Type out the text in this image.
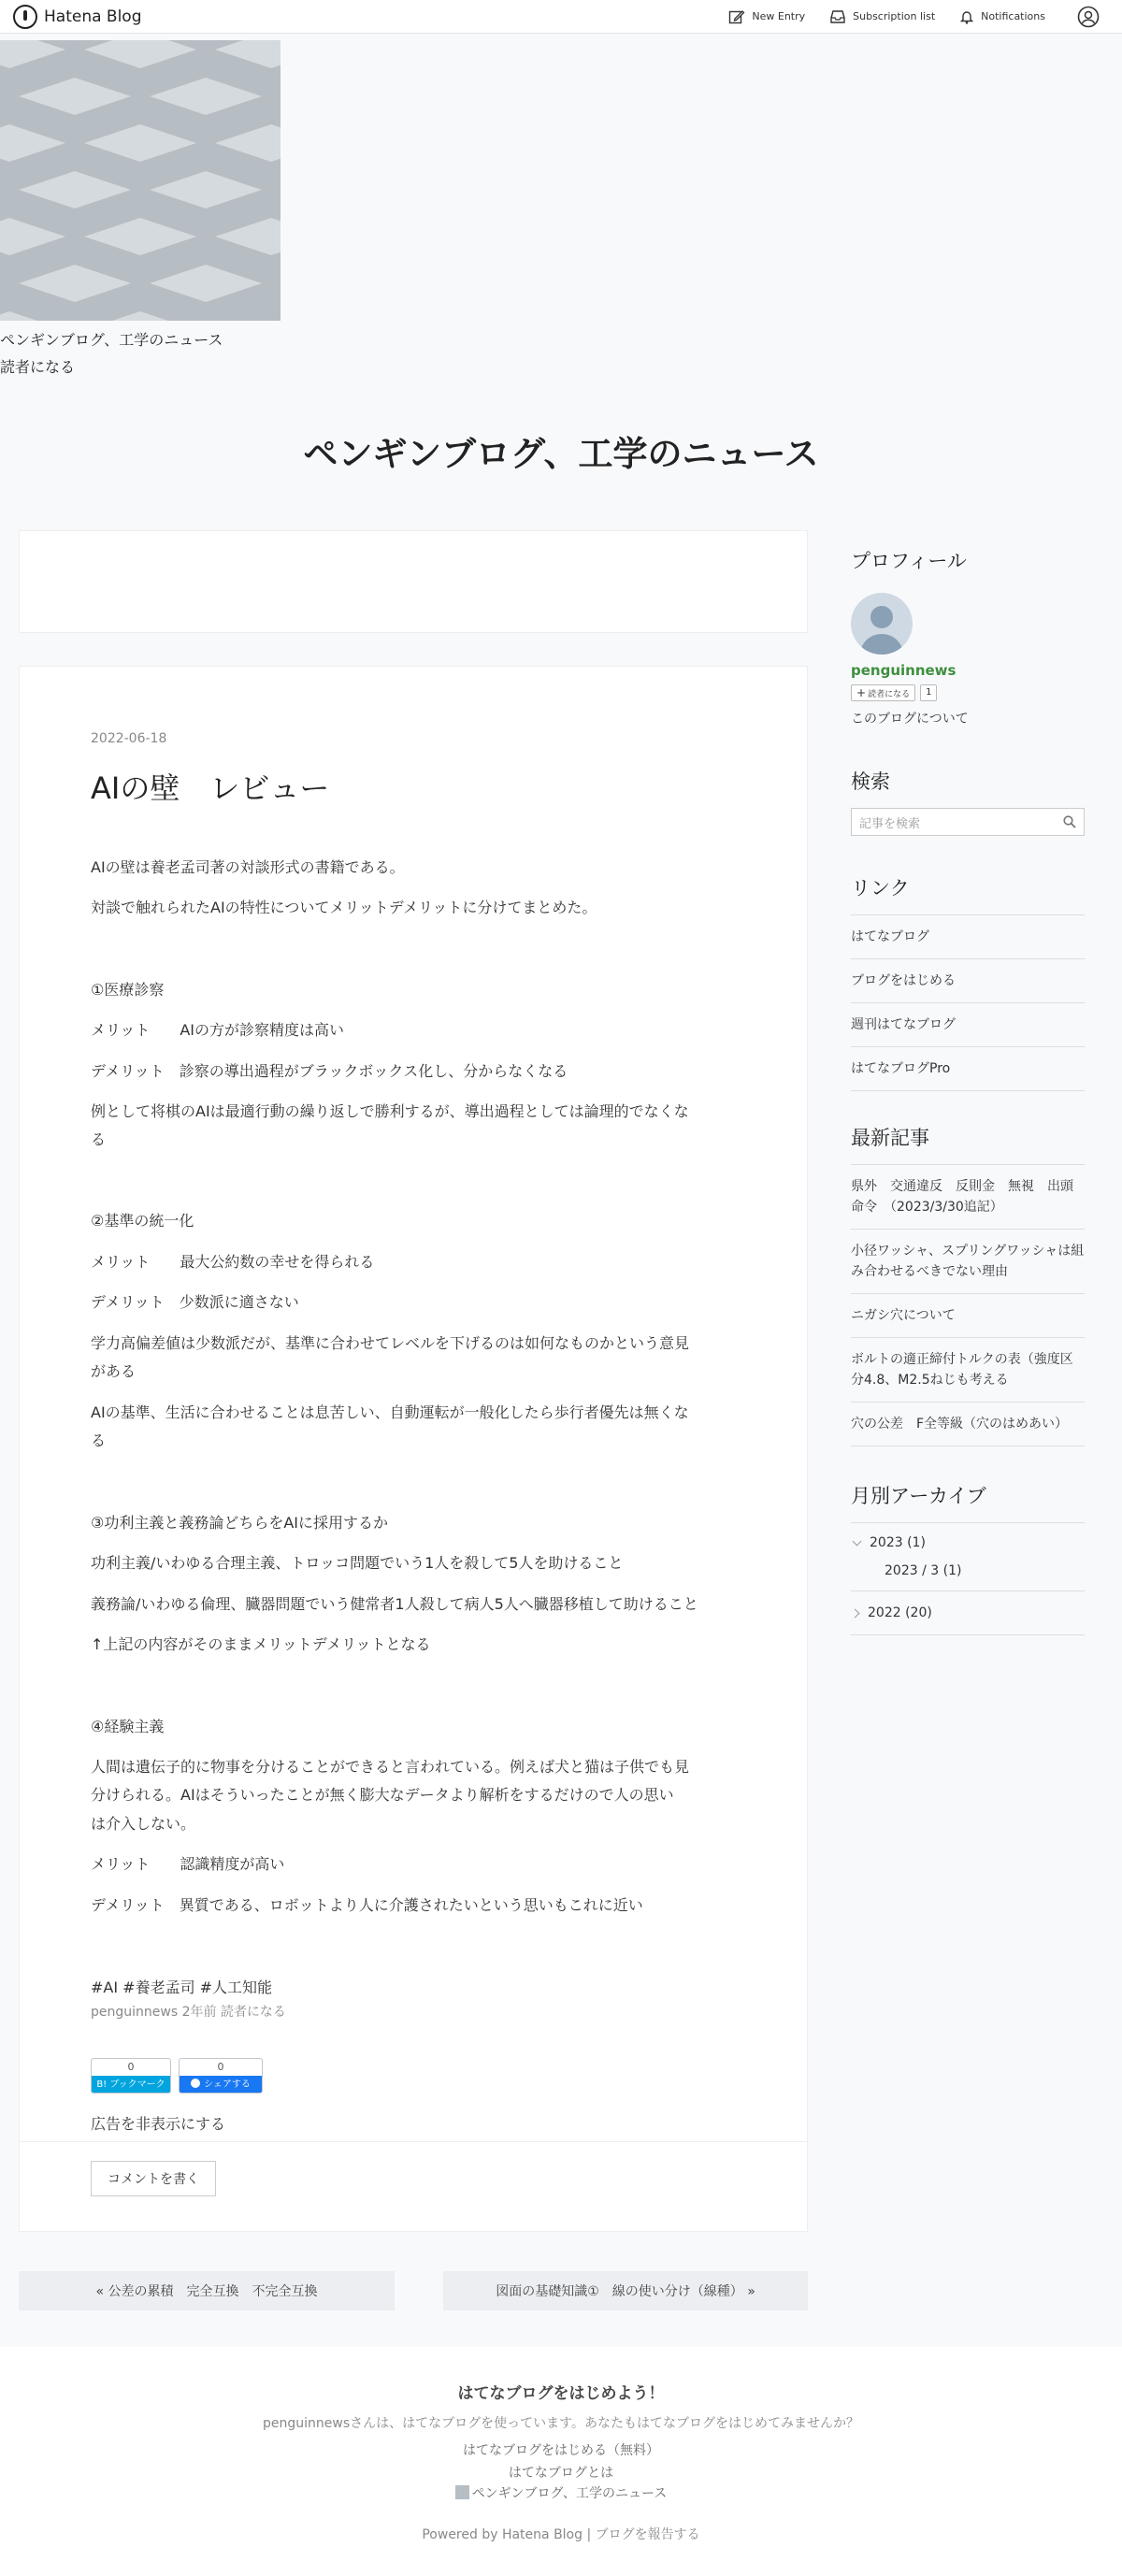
Hatena Blog	New Entry	Subscription list	Notifications
ペンギンブログ、工学のニュース
読者になる
ペンギンブログ、工学のニュース
2022-06-18
AIの壁　レビュー
AIの壁は養老孟司著の対談形式の書籍である。
対談で触れられたAIの特性についてメリットデメリットに分けてまとめた。
①医療診察
メリット　　AIの方が診察精度は高い
デメリット　診察の導出過程がブラックボックス化し、分からなくなる
例として将棋のAIは最適行動の繰り返しで勝利するが、導出過程としては論理的でなくな
る
②基準の統一化
メリット　　最大公約数の幸せを得られる
デメリット　少数派に適さない
学力高偏差値は少数派だが、基準に合わせてレベルを下げるのは如何なものかという意見
がある
AIの基準、生活に合わせることは息苦しい、自動運転が一般化したら歩行者優先は無くな
る
③功利主義と義務論どちらをAIに採用するか
功利主義/いわゆる合理主義、トロッコ問題でいう1人を殺して5人を助けること
義務論/いわゆる倫理、臓器問題でいう健常者1人殺して病人5人へ臓器移植して助けること
↑上記の内容がそのままメリットデメリットとなる
④経験主義
人間は遺伝子的に物事を分けることができると言われている。例えば犬と猫は子供でも見
分けられる。AIはそういったことが無く膨大なデータより解析をするだけので人の思い
は介入しない。
メリット　　認識精度が高い
デメリット　異質である、ロボットより人に介護されたいという思いもこれに近い
#AI #養老孟司 #人工知能
penguinnews 2年前 読者になる
0
B! ブックマーク
0
シェアする
広告を非表示にする
コメントを書く
« 公差の累積　完全互換　不完全互換	図面の基礎知識①　線の使い分け（線種） »
プロフィール
penguinnews
+ 読者になる	1
このブログについて
検索
記事を検索
リンク
はてなブログ
ブログをはじめる
週刊はてなブログ
はてなブログPro
最新記事
県外　交通違反　反則金　無視　出頭命令　（2023/3/30追記）
小径ワッシャ、スプリングワッシャは組み合わせるべきでない理由
ニガシ穴について
ボルトの適正締付トルクの表（強度区分4.8、M2.5ねじも考える
穴の公差　F全等級（穴のはめあい）
月別アーカイブ
2023 (1)
2023 / 3 (1)
2022 (20)
はてなブログをはじめよう！
penguinnewsさんは、はてなブログを使っています。あなたもはてなブログをはじめてみませんか？
はてなブログをはじめる（無料）
はてなブログとは
ペンギンブログ、工学のニュース
Powered by Hatena Blog | ブログを報告する
